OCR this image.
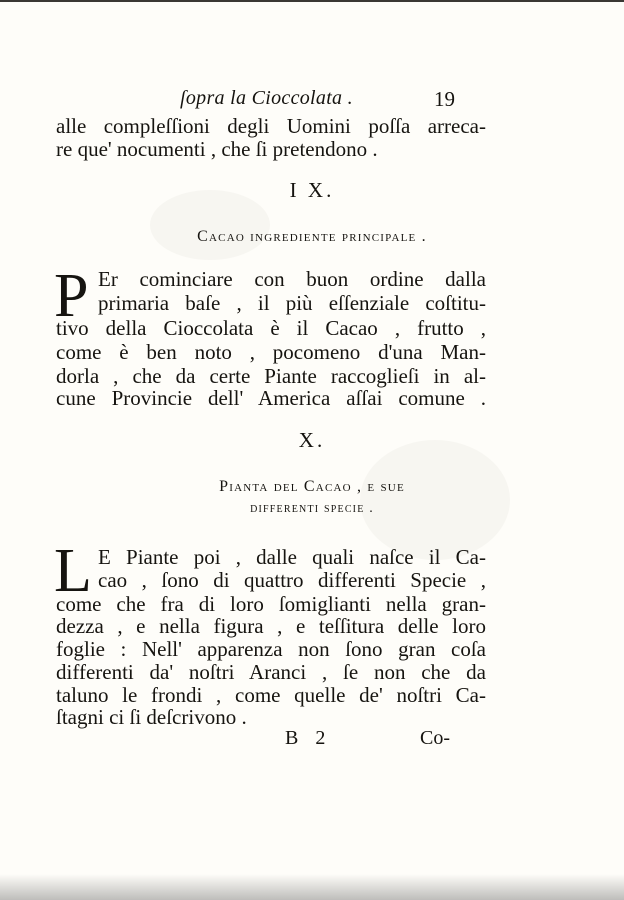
ſopra la Cioccolata .	19
alle compleſſioni degli Uomini poſſa arreca-
re que' nocumenti , che ſi pretendono .
I X.
Cacao ingrediente principale .
P Er cominciare con buon ordine dalla
primaria baſe , il più eſſenziale coſtitu-
tivo della Cioccolata è il Cacao , frutto ,
come è ben noto , pocomeno d'una Man-
dorla , che da certe Piante raccoglieſi in al-
cune Provincie dell' America aſſai comune .
X.
Pianta del Cacao , e sue
differenti specie .
L E Piante poi , dalle quali naſce il Ca-
cao , ſono di quattro differenti Specie ,
come che fra di loro ſomiglianti nella gran-
dezza , e nella figura , e teſſitura delle loro
foglie : Nell' apparenza non ſono gran coſa
differenti da' noſtri Aranci , ſe non che da
taluno le frondi , come quelle de' noſtri Ca-
ſtagni ci ſi deſcrivono .
B 2	Co-
